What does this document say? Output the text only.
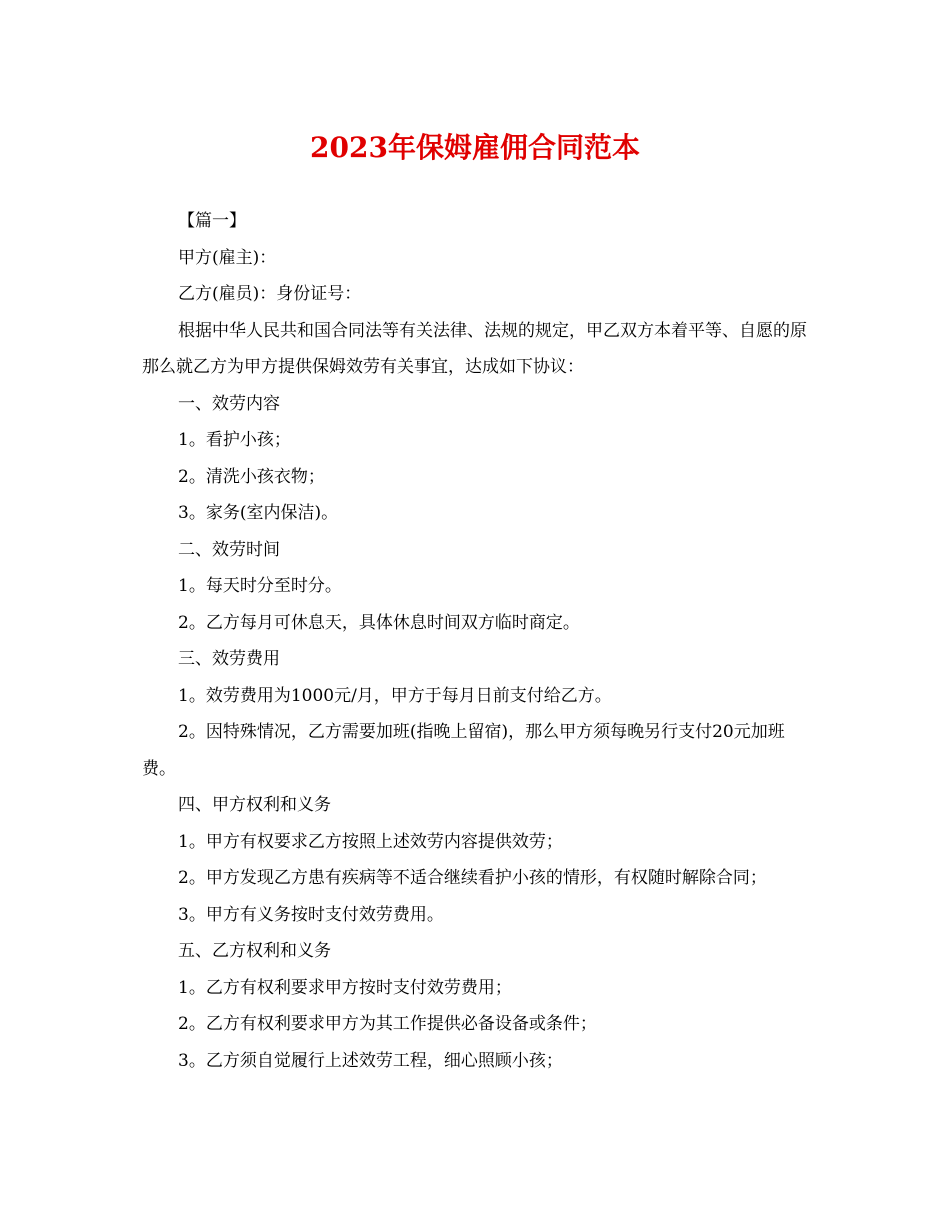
2023年保姆雇佣合同范本

【篇一】

甲方(雇主)：

乙方(雇员)：身份证号：

根据中华人民共和国合同法等有关法律、法规的规定，甲乙双方本着平等、自愿的原那么就乙方为甲方提供保姆效劳有关事宜，达成如下协议：

一、效劳内容

1。看护小孩；

2。清洗小孩衣物；

3。家务(室内保洁)。

二、效劳时间

1。每天时分至时分。

2。乙方每月可休息天，具体休息时间双方临时商定。

三、效劳费用

1。效劳费用为1000元/月，甲方于每月日前支付给乙方。

2。因特殊情况，乙方需要加班(指晚上留宿)，那么甲方须每晚另行支付20元加班费。

四、甲方权利和义务

1。甲方有权要求乙方按照上述效劳内容提供效劳；

2。甲方发现乙方患有疾病等不适合继续看护小孩的情形，有权随时解除合同；

3。甲方有义务按时支付效劳费用。

五、乙方权利和义务

1。乙方有权利要求甲方按时支付效劳费用；

2。乙方有权利要求甲方为其工作提供必备设备或条件；

3。乙方须自觉履行上述效劳工程，细心照顾小孩；
